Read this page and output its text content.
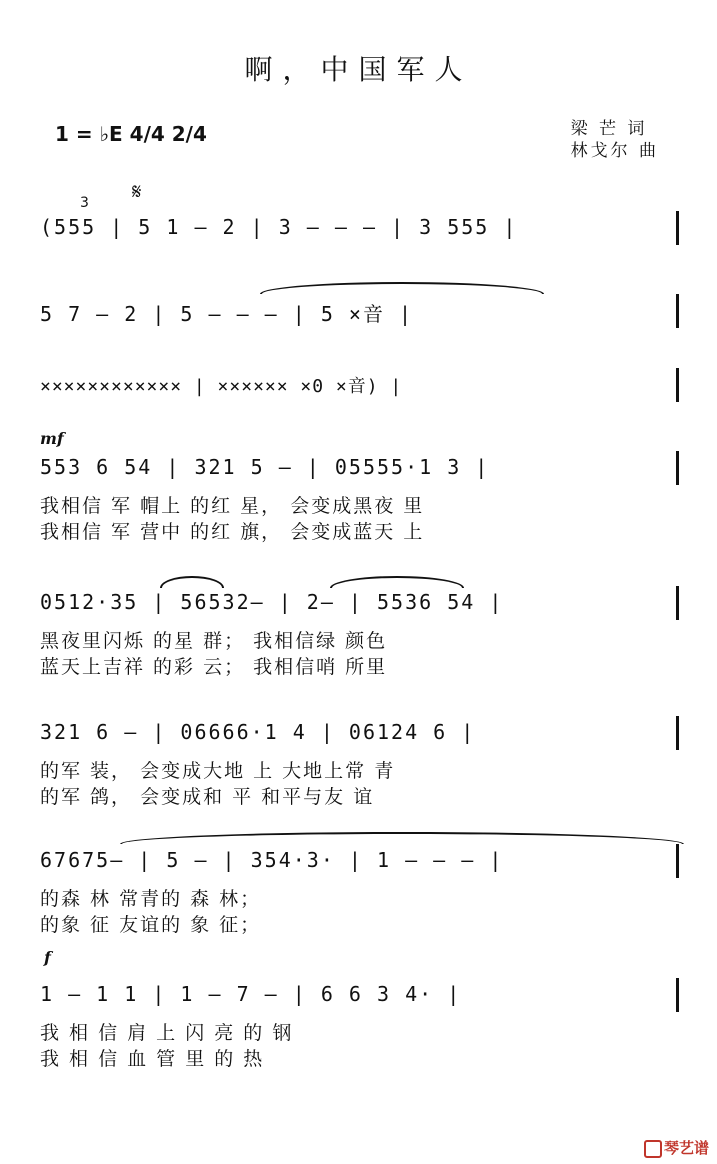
啊，中国军人
1 = ♭E 4/4 2/4	梁 芒 词
林戈尔 曲
𝄋
3
(555 | 5 1 — 2 | 3 — — — | 3 555 |
5 7 — 2 | 5 — — — | 5 ×音 |
×××××××××××× | ×××××× ×0 ×音) |
mf
553 6 54 | 321 5 — | 05555·1 3 |
我相信 军 帽上 的红 星， 会变成黑夜 里
我相信 军 营中 的红 旗， 会变成蓝天 上
0512·35 | 56532— | 2— | 5536 54 |
黑夜里闪烁 的星 群； 我相信绿 颜色
蓝天上吉祥 的彩 云； 我相信哨 所里
321 6 — | 06666·1 4 | 06124 6 |
的军 装， 会变成大地 上 大地上常 青
的军 鸽， 会变成和 平 和平与友 谊
67675— | 5 — | 354·3· | 1 — — — |
的森 林 常青的 森 林；
的象 征 友谊的 象 征；
f
1 — 1 1 | 1 — 7 — | 6 6 3 4· |
我 相 信 肩 上 闪 亮 的 钢
我 相 信 血 管 里 的 热
琴艺谱
